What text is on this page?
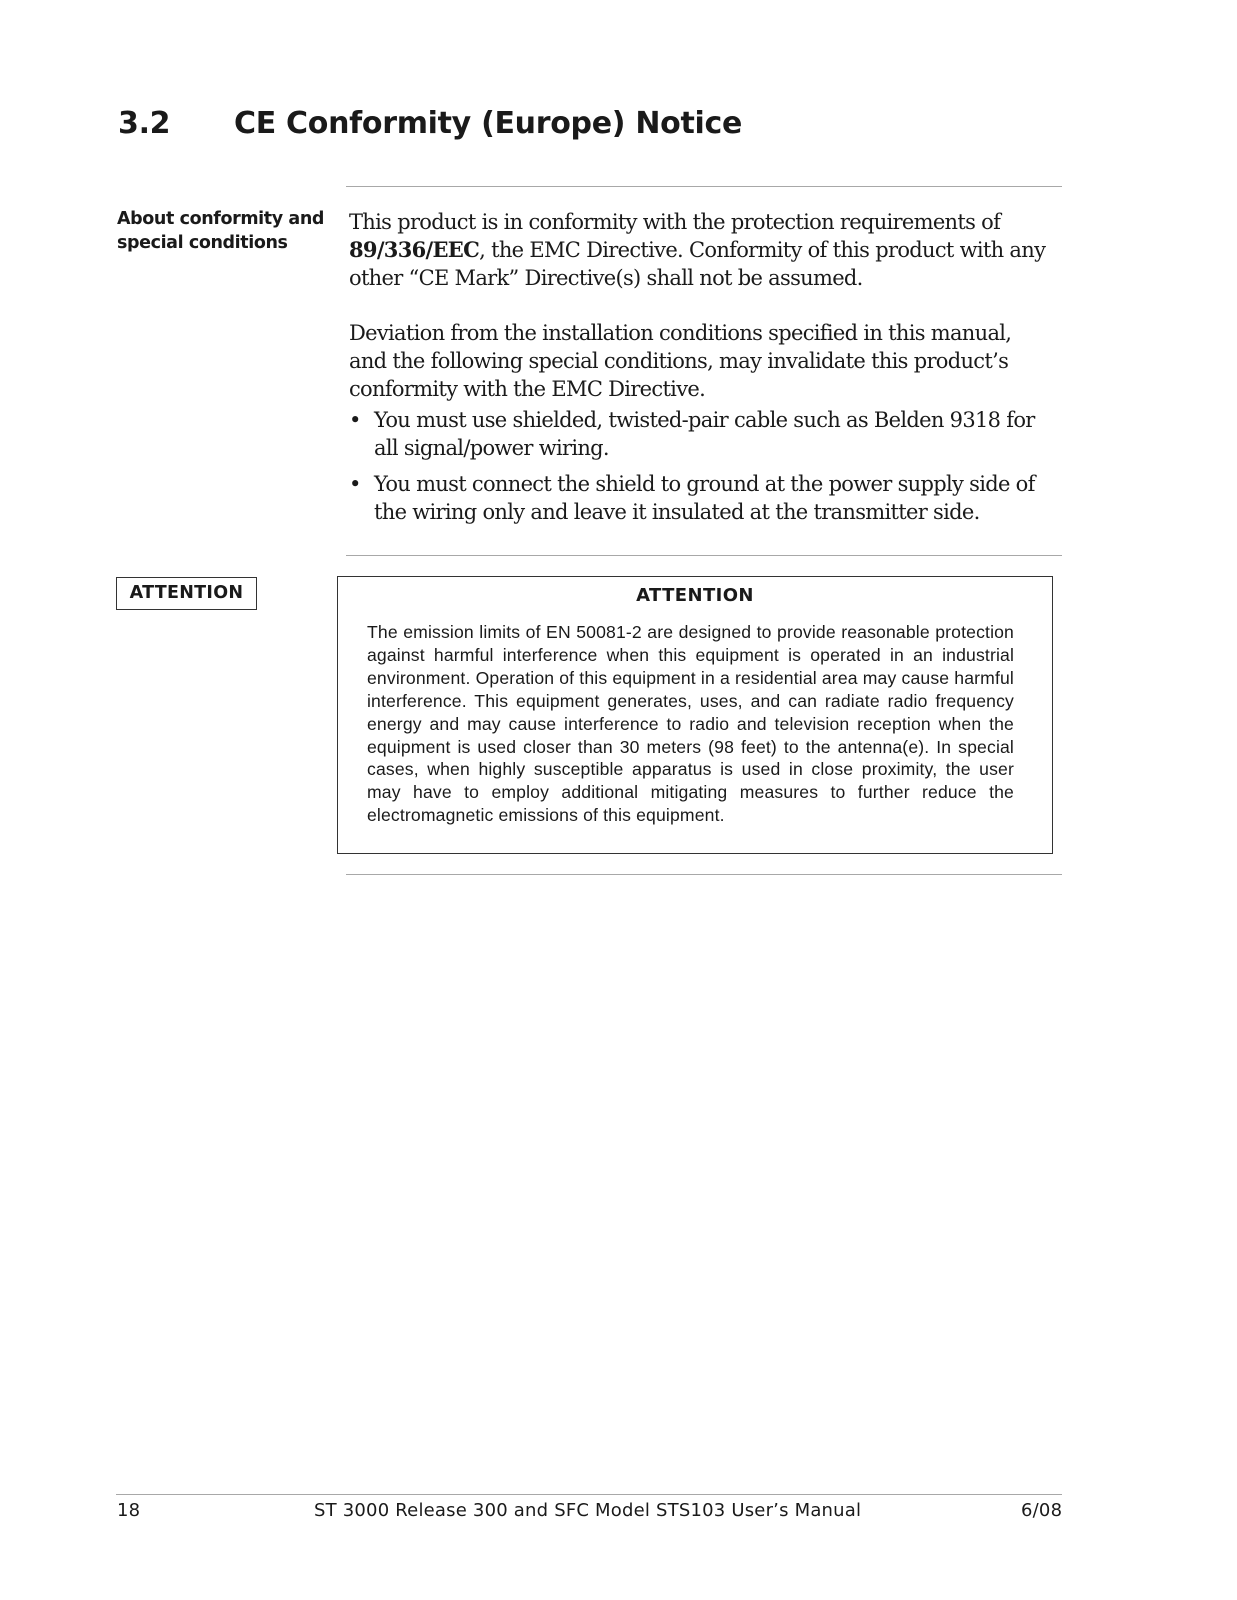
3.2 CE Conformity (Europe) Notice
About conformity and special conditions

This product is in conformity with the protection requirements of 89/336/EEC, the EMC Directive. Conformity of this product with any other “CE Mark” Directive(s) shall not be assumed.

Deviation from the installation conditions specified in this manual, and the following special conditions, may invalidate this product’s conformity with the EMC Directive.

• You must use shielded, twisted-pair cable such as Belden 9318 for all signal/power wiring.
• You must connect the shield to ground at the power supply side of the wiring only and leave it insulated at the transmitter side.
ATTENTION	ATTENTION

The emission limits of EN 50081-2 are designed to provide reasonable protection against harmful interference when this equipment is operated in an industrial environment. Operation of this equipment in a residential area may cause harmful interference. This equipment generates, uses, and can radiate radio frequency energy and may cause interference to radio and television reception when the equipment is used closer than 30 meters (98 feet) to the antenna(e). In special cases, when highly susceptible apparatus is used in close proximity, the user may have to employ additional mitigating measures to further reduce the electromagnetic emissions of this equipment.

18	ST 3000 Release 300 and SFC Model STS103 User’s Manual	6/08
